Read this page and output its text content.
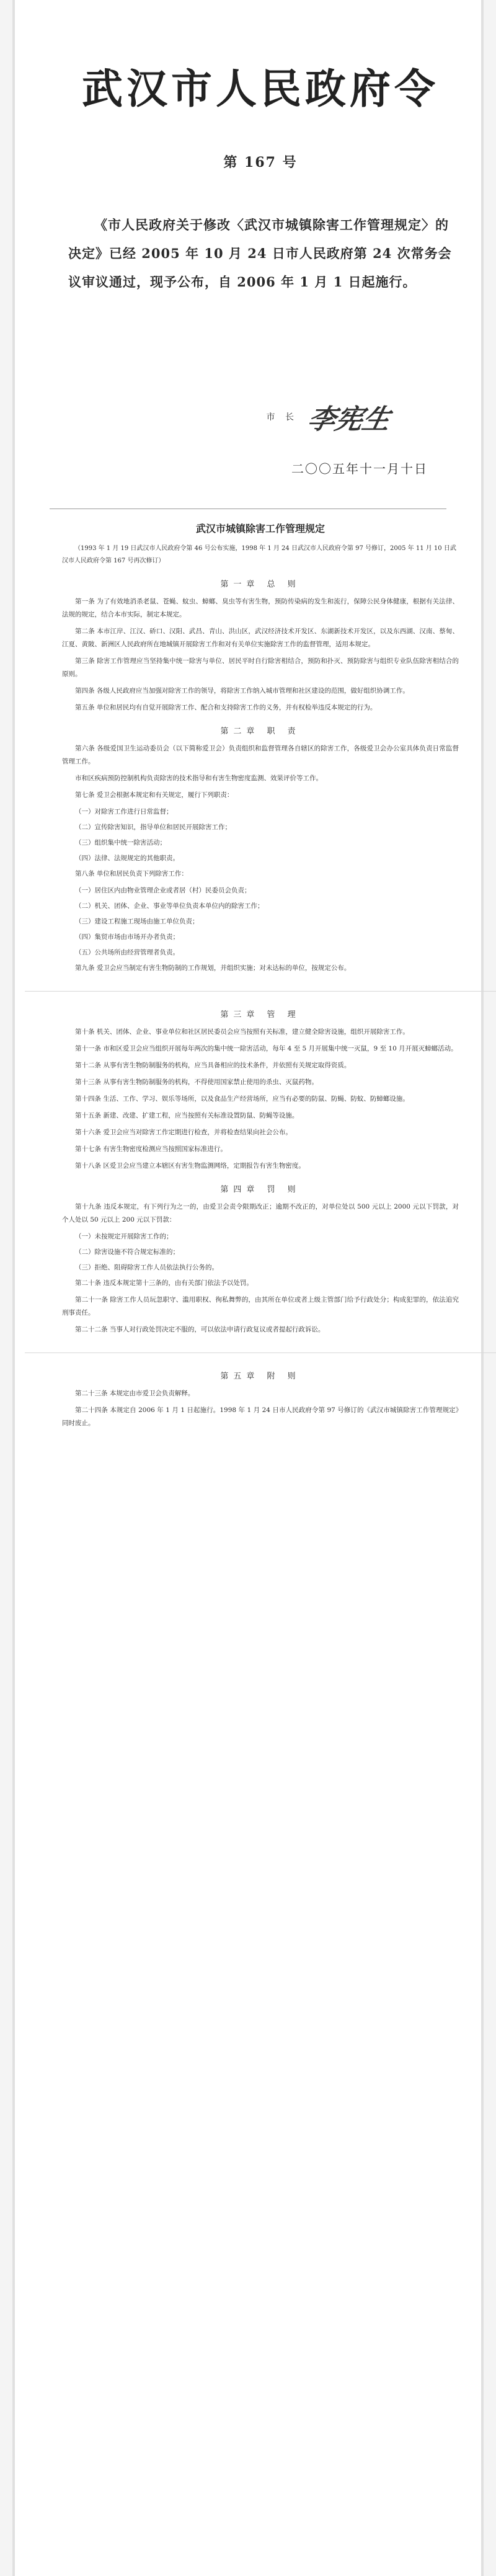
武汉市人民政府令
第 167 号
《市人民政府关于修改〈武汉市城镇除害工作管理规定〉的决定》已经 2005 年 10 月 24 日市人民政府第 24 次常务会议审议通过，现予公布，自 2006 年 1 月 1 日起施行。
市 长 李宪生
二〇〇五年十一月十日
武汉市城镇除害工作管理规定
（1993 年 1 月 19 日武汉市人民政府令第 46 号公布实施，1998 年 1 月 24 日武汉市人民政府令第 97 号修订，2005 年 11 月 10 日武汉市人民政府令第 167 号再次修订）
第一章 总 则
第一条 为了有效地消杀老鼠、苍蝇、蚊虫、蟑螂、臭虫等有害生物，预防传染病的发生和流行，保障公民身体健康，根据有关法律、法规的规定，结合本市实际，制定本规定。
第二条 本市江岸、江汉、硚口、汉阳、武昌、青山、洪山区，武汉经济技术开发区、东湖新技术开发区，以及东西湖、汉南、蔡甸、江夏、黄陂、新洲区人民政府所在地城镇开展除害工作和对有关单位实施除害工作的监督管理，适用本规定。
第三条 除害工作管理应当坚持集中统一除害与单位、居民平时自行除害相结合，预防和扑灭、预防除害与组织专业队伍除害相结合的原则。
第四条 各级人民政府应当加强对除害工作的领导，将除害工作纳入城市管理和社区建设的范围，做好组织协调工作。
第五条 单位和居民均有自觉开展除害工作、配合和支持除害工作的义务，并有权检举违反本规定的行为。
第二章 职 责
第六条 各级爱国卫生运动委员会（以下简称爱卫会）负责组织和监督管理各自辖区的除害工作，各级爱卫会办公室具体负责日常监督管理工作。
市和区疾病预防控制机构负责除害的技术指导和有害生物密度监测、效果评价等工作。
第七条 爱卫会根据本规定和有关规定，履行下列职责：
（一）对除害工作进行日常监督；
（二）宣传除害知识，指导单位和居民开展除害工作；
（三）组织集中统一除害活动；
（四）法律、法规规定的其他职责。
第八条 单位和居民负责下列除害工作：
（一）居住区内由物业管理企业或者居（村）民委员会负责；
（二）机关、团体、企业、事业等单位负责本单位内的除害工作；
（三）建设工程施工现场由施工单位负责；
（四）集贸市场由市场开办者负责；
（五）公共场所由经营管理者负责。
第九条 爱卫会应当制定有害生物防制的工作规划，并组织实施；对未达标的单位，按规定公布。
第三章 管 理
第十条 机关、团体、企业、事业单位和社区居民委员会应当按照有关标准，建立健全除害设施，组织开展除害工作。
第十一条 市和区爱卫会应当组织开展每年两次的集中统一除害活动，每年 4 至 5 月开展集中统一灭鼠，9 至 10 月开展灭蟑螂活动。
第十二条 从事有害生物防制服务的机构，应当具备相应的技术条件，并依照有关规定取得资质。
第十三条 从事有害生物防制服务的机构，不得使用国家禁止使用的杀虫、灭鼠药物。
第十四条 生活、工作、学习、娱乐等场所，以及食品生产经营场所，应当有必要的防鼠、防蝇、防蚊、防蟑螂设施。
第十五条 新建、改建、扩建工程，应当按照有关标准设置防鼠、防蝇等设施。
第十六条 爱卫会应当对除害工作定期进行检查，并将检查结果向社会公布。
第十七条 有害生物密度检测应当按照国家标准进行。
第十八条 区爱卫会应当建立本辖区有害生物监测网络，定期报告有害生物密度。
第四章 罚 则
第十九条 违反本规定，有下列行为之一的，由爱卫会责令限期改正；逾期不改正的，对单位处以 500 元以上 2000 元以下罚款，对个人处以 50 元以上 200 元以下罚款：
（一）未按规定开展除害工作的；
（二）除害设施不符合规定标准的；
（三）拒绝、阻碍除害工作人员依法执行公务的。
第二十条 违反本规定第十三条的，由有关部门依法予以处罚。
第二十一条 除害工作人员玩忽职守、滥用职权、徇私舞弊的，由其所在单位或者上级主管部门给予行政处分；构成犯罪的，依法追究刑事责任。
第二十二条 当事人对行政处罚决定不服的，可以依法申请行政复议或者提起行政诉讼。
第五章 附 则
第二十三条 本规定由市爱卫会负责解释。
第二十四条 本规定自 2006 年 1 月 1 日起施行。1998 年 1 月 24 日市人民政府令第 97 号修订的《武汉市城镇除害工作管理规定》同时废止。
